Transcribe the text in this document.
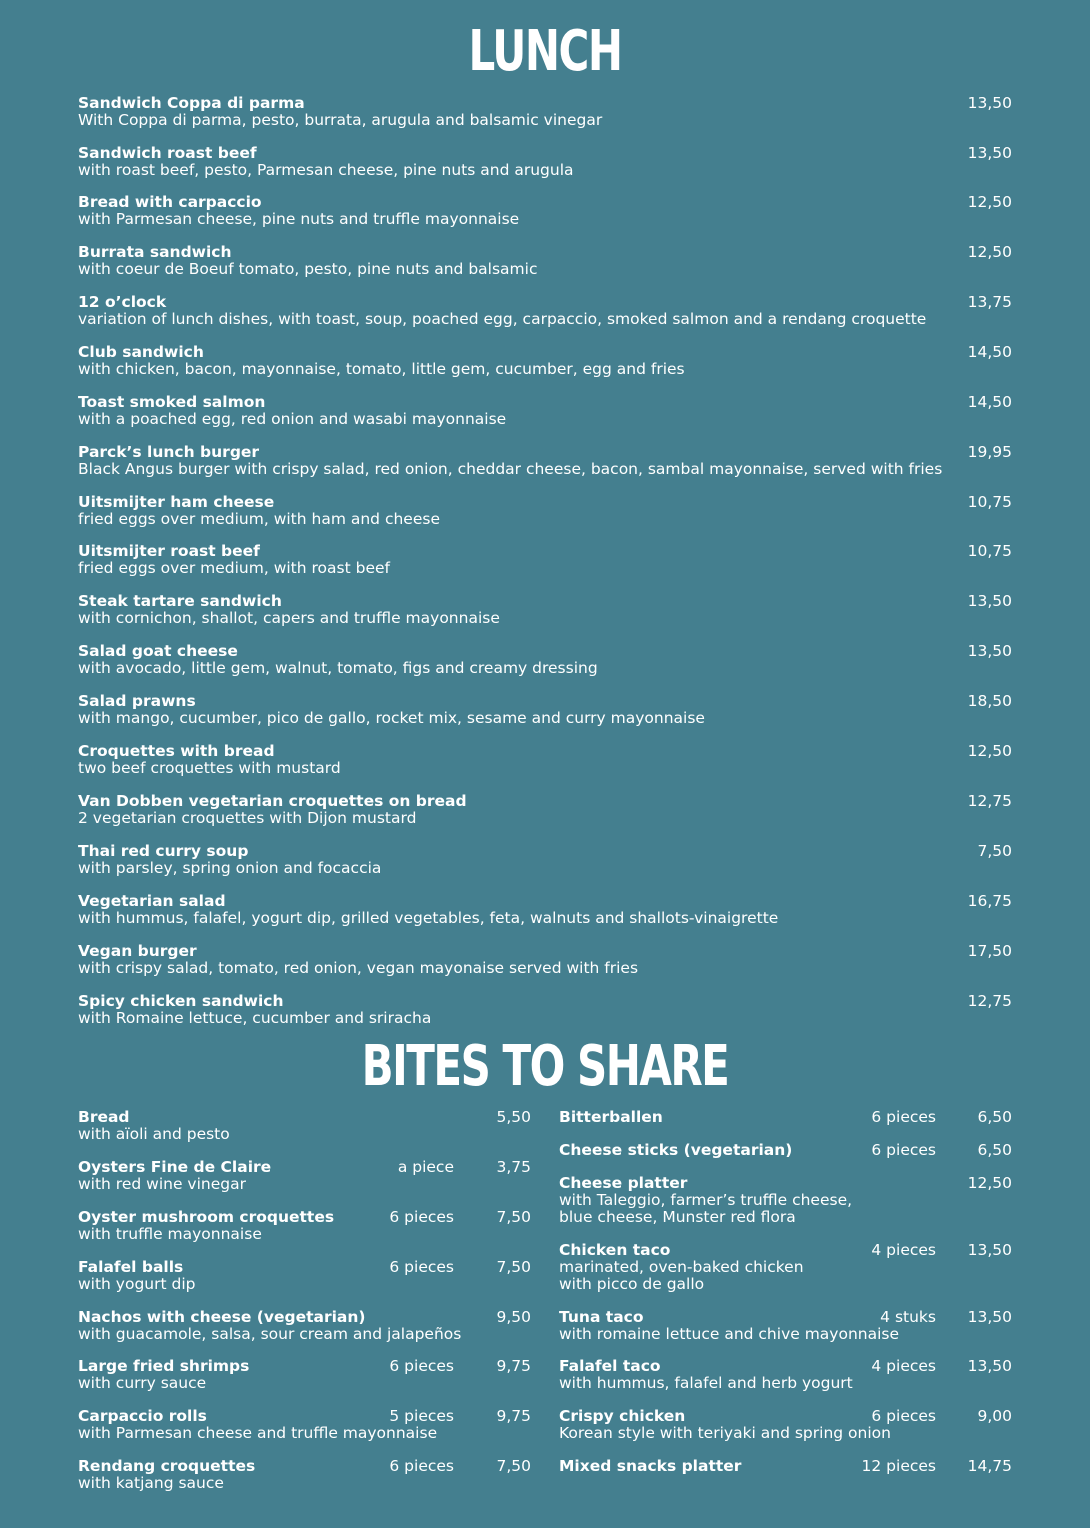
LUNCH
Sandwich Coppa di parma
With Coppa di parma, pesto, burrata, arugula and balsamic vinegar
13,50
Sandwich roast beef
with roast beef, pesto, Parmesan cheese, pine nuts and arugula
13,50
Bread with carpaccio
with Parmesan cheese, pine nuts and truffle mayonnaise
12,50
Burrata sandwich
with coeur de Boeuf tomato, pesto, pine nuts and balsamic
12,50
12 o’clock
variation of lunch dishes, with toast, soup, poached egg, carpaccio, smoked salmon and a rendang croquette
13,75
Club sandwich
with chicken, bacon, mayonnaise, tomato, little gem, cucumber, egg and fries
14,50
Toast smoked salmon
with a poached egg, red onion and wasabi mayonnaise
14,50
Parck’s lunch burger
Black Angus burger with crispy salad, red onion, cheddar cheese, bacon, sambal mayonnaise, served with fries
19,95
Uitsmijter ham cheese
fried eggs over medium, with ham and cheese
10,75
Uitsmijter roast beef
fried eggs over medium, with roast beef
10,75
Steak tartare sandwich
with cornichon, shallot, capers and truffle mayonnaise
13,50
Salad goat cheese
with avocado, little gem, walnut, tomato, figs and creamy dressing
13,50
Salad prawns
with mango, cucumber, pico de gallo, rocket mix, sesame and curry mayonnaise
18,50
Croquettes with bread
two beef croquettes with mustard
12,50
Van Dobben vegetarian croquettes on bread
2 vegetarian croquettes with Dijon mustard
12,75
Thai red curry soup
with parsley, spring onion and focaccia
7,50
Vegetarian salad
with hummus, falafel, yogurt dip, grilled vegetables, feta, walnuts and shallots-vinaigrette
16,75
Vegan burger
with crispy salad, tomato, red onion, vegan mayonaise served with fries
17,50
Spicy chicken sandwich
with Romaine lettuce, cucumber and sriracha
12,75
BITES TO SHARE
Bread
with aïoli and pesto
5,50
Oysters Fine de Claire
with red wine vinegar
a piece	3,75
Oyster mushroom croquettes
with truffle mayonnaise
6 pieces	7,50
Falafel balls
with yogurt dip
6 pieces	7,50
Nachos with cheese (vegetarian)
with guacamole, salsa, sour cream and jalapeños
9,50
Large fried shrimps
with curry sauce
6 pieces	9,75
Carpaccio rolls
with Parmesan cheese and truffle mayonnaise
5 pieces	9,75
Rendang croquettes
with katjang sauce
6 pieces	7,50
Bitterballen	6 pieces	6,50
Cheese sticks (vegetarian)	6 pieces	6,50
Cheese platter
with Taleggio, farmer’s truffle cheese,
blue cheese, Munster red flora
12,50
Chicken taco
marinated, oven-baked chicken
with picco de gallo
4 pieces 13,50
Tuna taco
with romaine lettuce and chive mayonnaise
4 stuks 13,50
Falafel taco
with hummus, falafel and herb yogurt
4 pieces 13,50
Crispy chicken
Korean style with teriyaki and spring onion
6 pieces	9,00
Mixed snacks platter	12 pieces 14,75
